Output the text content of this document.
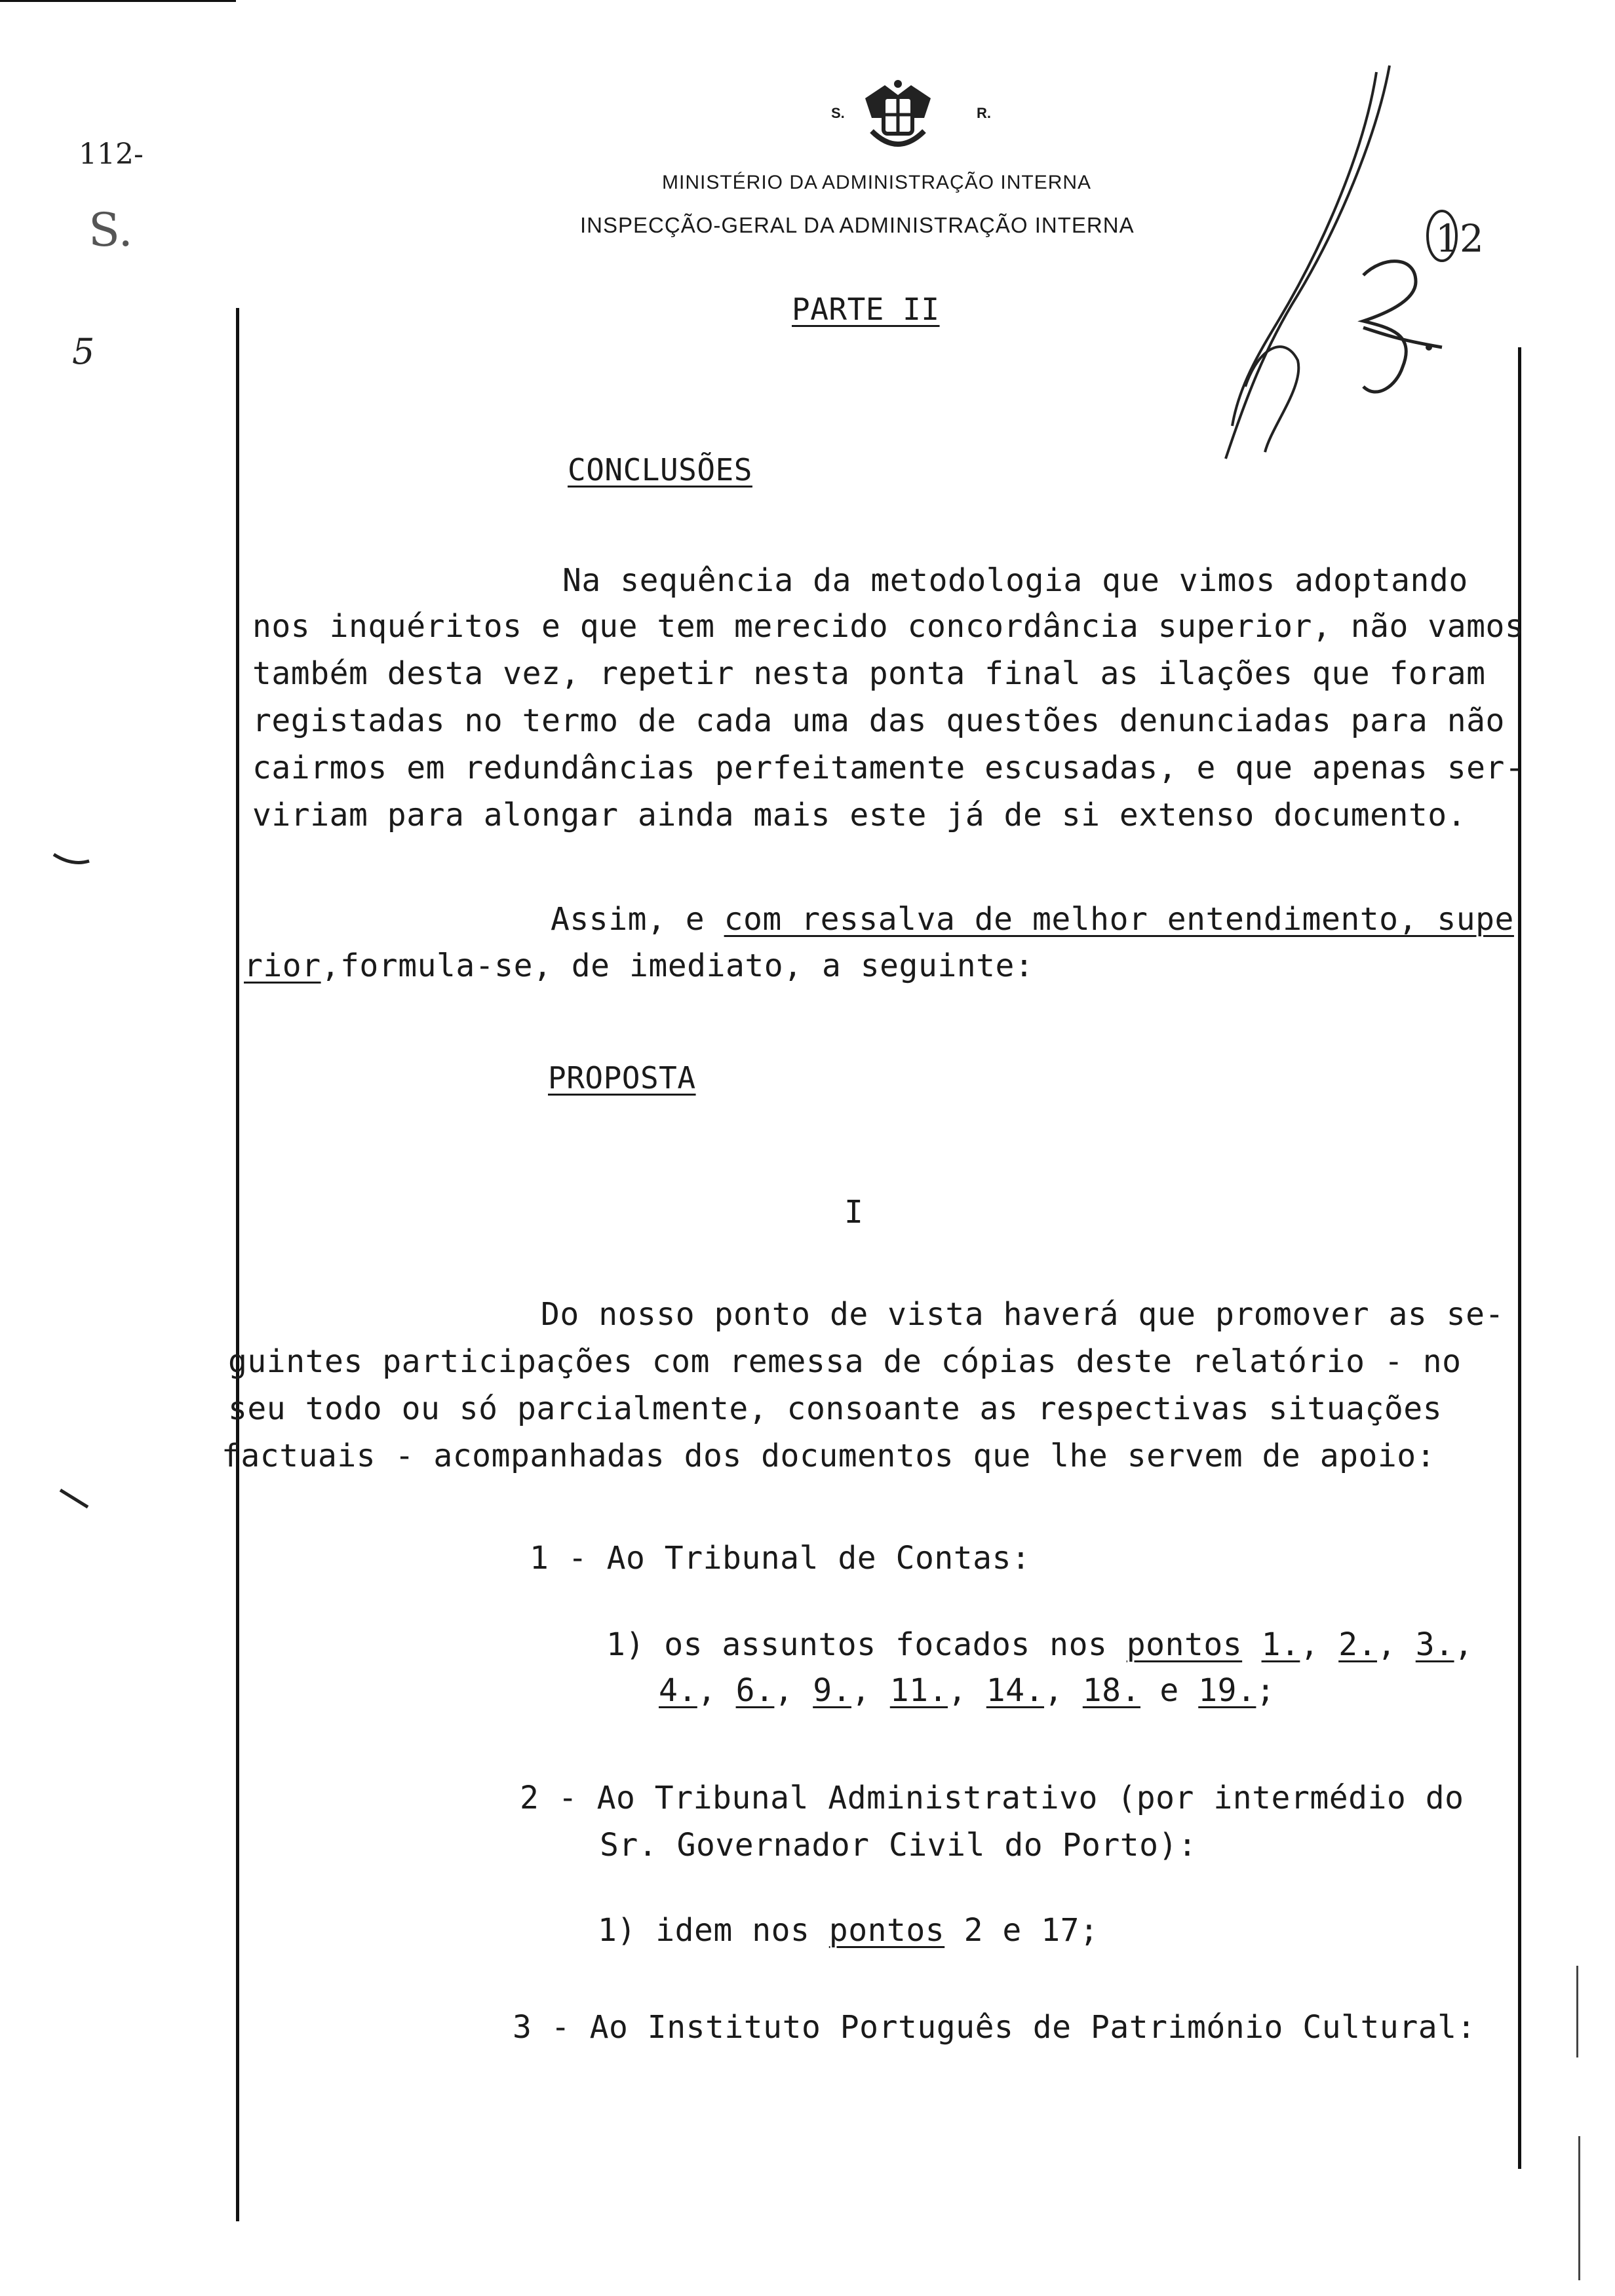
112-
S.
5
S.	R.
MINISTÉRIO DA ADMINISTRAÇÃO INTERNA
INSPECÇÃO-GERAL DA ADMINISTRAÇÃO INTERNA	12
PARTE II
CONCLUSÕES
Na sequência da metodologia que vimos adoptando
nos inquéritos e que tem merecido concordância superior, não vamos
também desta vez, repetir nesta ponta final as ilações que foram
registadas no termo de cada uma das questões denunciadas para não
cairmos em redundâncias perfeitamente escusadas, e que apenas ser-
viriam para alongar ainda mais este já de si extenso documento.
Assim, e com ressalva de melhor entendimento, supe
rior,formula-se, de imediato, a seguinte:
PROPOSTA
I
Do nosso ponto de vista haverá que promover as se-
guintes participações com remessa de cópias deste relatório - no
seu todo ou só parcialmente, consoante as respectivas situações
factuais - acompanhadas dos documentos que lhe servem de apoio:
1 - Ao Tribunal de Contas:
1) os assuntos focados nos pontos 1., 2., 3.,
4., 6., 9., 11., 14., 18. e 19.;
2 - Ao Tribunal Administrativo (por intermédio do
Sr. Governador Civil do Porto):
1) idem nos pontos 2 e 17;
3 - Ao Instituto Português de Património Cultural:
